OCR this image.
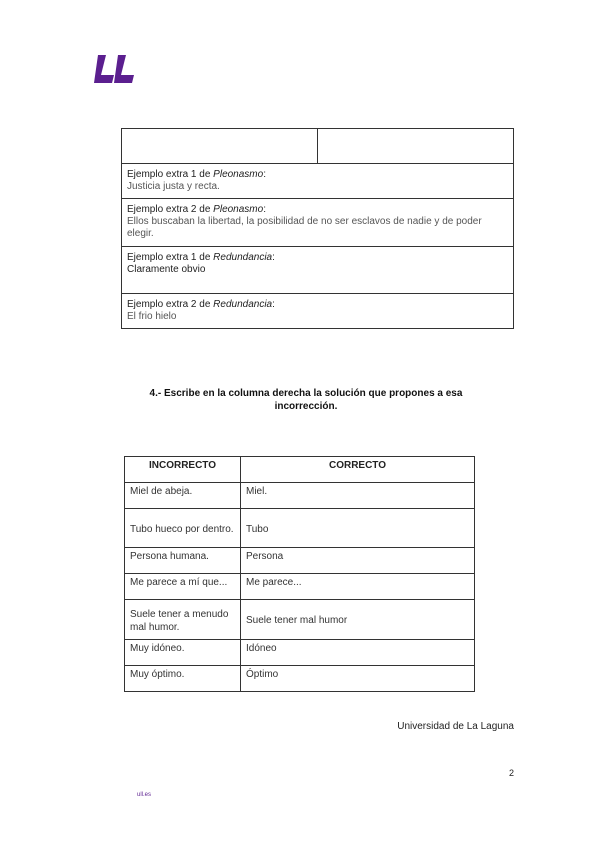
Ejemplo extra 1 de Pleonasmo:
Justicia justa y recta.

Ejemplo extra 2 de Pleonasmo:
Ellos buscaban la libertad, la posibilidad de no ser esclavos de nadie y de poder elegir.

Ejemplo extra 1 de Redundancia:
Claramente obvio

Ejemplo extra 2 de Redundancia:
El frio hielo
4.- Escribe en la columna derecha la solución que propones a esa
incorrección.
INCORRECTO	CORRECTO
Miel de abeja.	Miel.
Tubo hueco por dentro.	Tubo
Persona humana.	Persona
Me parece a mí que...	Me parece...
Suele tener a menudo mal humor.	Suele tener mal humor
Muy idóneo.	Idóneo
Muy óptimo.	Óptimo
Universidad de La Laguna
2
ull.es
